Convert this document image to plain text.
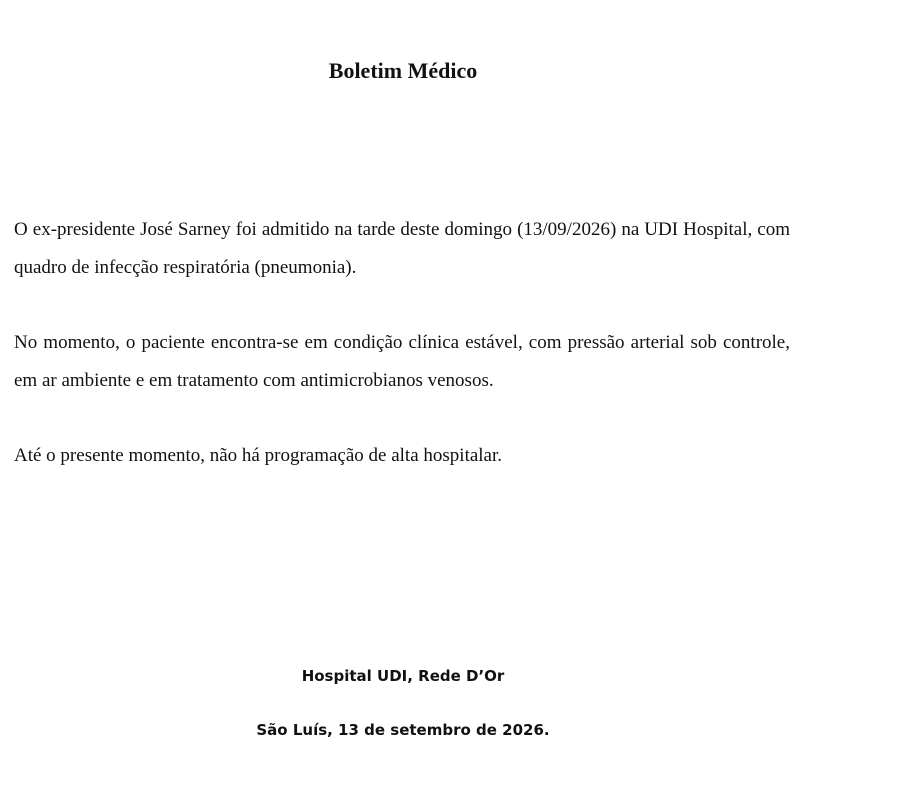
Boletim Médico

O ex-presidente José Sarney foi admitido na tarde deste domingo (13/09/2026) na UDI Hospital, com quadro de infecção respiratória (pneumonia).

No momento, o paciente encontra-se em condição clínica estável, com pressão arterial sob controle, em ar ambiente e em tratamento com antimicrobianos venosos.

Até o presente momento, não há programação de alta hospitalar.

Hospital UDI, Rede D’Or
São Luís, 13 de setembro de 2026.
